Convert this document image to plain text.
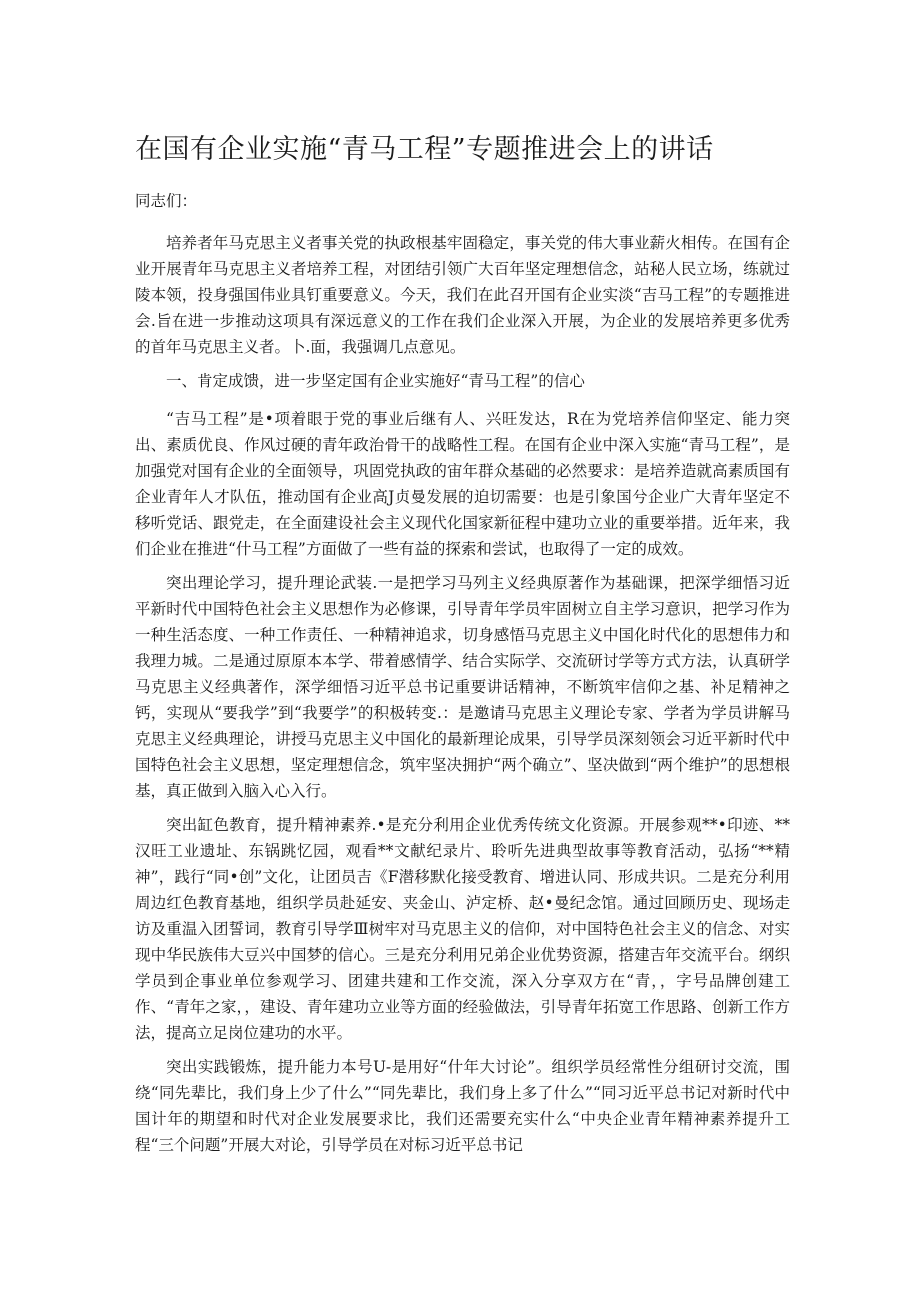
在国有企业实施“青马工程”专题推进会上的讲话

同志们：

培养者年马克思主义者事关党的执政根基牢固稳定，事关党的伟大事业薪火相传。在国有企业开展青年马克思主义者培养工程，对团结引领广大百年坚定理想信念，站秘人民立场，练就过陵本领，投身强国伟业具钉重要意义。今天，我们在此召开国有企业实淡“吉马工程”的专题推进会.旨在进一步推动这项具有深远意义的工作在我们企业深入开展，为企业的发展培养更多优秀的首年马克思主义者。卜.面，我强调几点意见。

一、肯定成馈，进一步坚定国有企业实施好“青马工程”的信心

“吉马工程”是•项着眼于党的事业后继有人、兴旺发达，R在为党培养信仰坚定、能力突出、素质优良、作风过硬的青年政治骨干的战略性工程。在国有企业中深入实施“青马工程”，是加强党对国有企业的全面领导，巩固党执政的宙年群众基础的必然要求：是培养造就高素质国有企业青年人才队伍，推动国有企业高J贞曼发展的迫切需要：也是引象国兮企业广大青年坚定不移听党话、跟党走，在全面建设社会主义现代化国家新征程中建功立业的重要举措。近年来，我们企业在推进“什马工程”方面做了一些有益的探索和尝试，也取得了一定的成效。

突出理论学习，提升理论武装.一是把学习马列主义经典原著作为基础课，把深学细悟习近平新时代中国特色社会主义思想作为必修课，引导青年学员牢固树立自主学习意识，把学习作为一种生活态度、一种工作责任、一种精神追求，切身感悟马克思主义中国化时代化的思想伟力和我理力城。二是通过原原本本学、带着感情学、结合实际学、交流研讨学等方式方法，认真研学马克思主义经典著作，深学细悟习近平总书记重要讲话精神，不断筑牢信仰之基、补足精神之钙，实现从“要我学”到“我要学”的积极转变.：是邀请马克思主义理论专家、学者为学员讲解马克思主义经典理论，讲授马克思主义中国化的最新理论成果，引导学员深刻领会习近平新时代中国特色社会主义思想，坚定理想信念，筑牢坚决拥护“两个确立”、坚决做到“两个维护”的思想根基，真正做到入脑入心入行。

突出缸色教育，提升精神素养.•是充分利用企业优秀传统文化资源。开展参观**•印迹、**汉旺工业遗址、东锅跳忆园，观看**文献纪录片、聆听先进典型故事等教育活动，弘扬“**精神”，践行“同•创”文化，让团员吉《F潜移默化接受教育、增进认同、形成共识。二是充分利用周边红色教育基地，组织学员赴延安、夹金山、泸定桥、赵•曼纪念馆。通过回顾历史、现场走访及重温入团誓词，教育引导学Ⅲ树牢对马克思主义的信仰，对中国特色社会主义的信念、对实现中华民族伟大豆兴中国梦的信心。三是充分利用兄弟企业优势资源，搭建吉年交流平台。纲织学员到企事业单位参观学习、团建共建和工作交流，深入分享双方在“青，，字号品牌创建工作、“青年之家，，建设、青年建功立业等方面的经验做法，引导青年拓宽工作思路、创新工作方法，提高立足岗位建功的水平。

突出实践锻炼，提升能力本号U-是用好“什年大讨论”。组织学员经常性分组研讨交流，围绕“同先辈比，我们身上少了什么”“同先辈比，我们身上多了什么”“同习近平总书记对新时代中国计年的期望和时代对企业发展要求比，我们还需要充实什么“中央企业青年精神素养提升工程“三个问题”开展大对论，引导学员在对标习近平总书记
